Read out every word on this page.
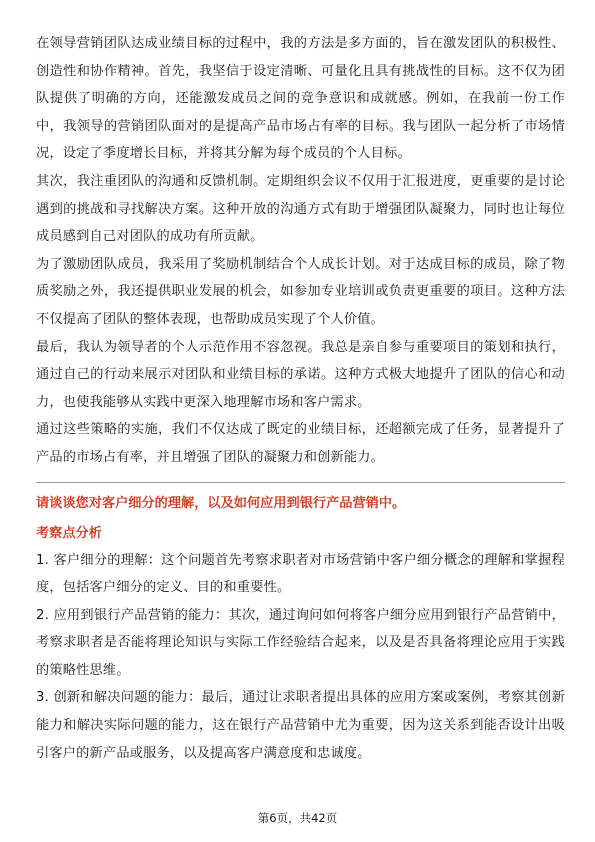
在领导营销团队达成业绩目标的过程中，我的方法是多方面的，旨在激发团队的积极性、创造性和协作精神。首先，我坚信于设定清晰、可量化且具有挑战性的目标。这不仅为团队提供了明确的方向，还能激发成员之间的竞争意识和成就感。例如，在我前一份工作中，我领导的营销团队面对的是提高产品市场占有率的目标。我与团队一起分析了市场情况，设定了季度增长目标，并将其分解为每个成员的个人目标。

其次，我注重团队的沟通和反馈机制。定期组织会议不仅用于汇报进度，更重要的是讨论遇到的挑战和寻找解决方案。这种开放的沟通方式有助于增强团队凝聚力，同时也让每位成员感到自己对团队的成功有所贡献。

为了激励团队成员，我采用了奖励机制结合个人成长计划。对于达成目标的成员，除了物质奖励之外，我还提供职业发展的机会，如参加专业培训或负责更重要的项目。这种方法不仅提高了团队的整体表现，也帮助成员实现了个人价值。

最后，我认为领导者的个人示范作用不容忽视。我总是亲自参与重要项目的策划和执行，通过自己的行动来展示对团队和业绩目标的承诺。这种方式极大地提升了团队的信心和动力，也使我能够从实践中更深入地理解市场和客户需求。

通过这些策略的实施，我们不仅达成了既定的业绩目标，还超额完成了任务，显著提升了产品的市场占有率，并且增强了团队的凝聚力和创新能力。

请谈谈您对客户细分的理解，以及如何应用到银行产品营销中。

考察点分析

1. 客户细分的理解：这个问题首先考察求职者对市场营销中客户细分概念的理解和掌握程度，包括客户细分的定义、目的和重要性。

2. 应用到银行产品营销的能力：其次，通过询问如何将客户细分应用到银行产品营销中，考察求职者是否能将理论知识与实际工作经验结合起来，以及是否具备将理论应用于实践的策略性思维。

3. 创新和解决问题的能力：最后，通过让求职者提出具体的应用方案或案例，考察其创新能力和解决实际问题的能力，这在银行产品营销中尤为重要，因为这关系到能否设计出吸引客户的新产品或服务，以及提高客户满意度和忠诚度。

第6页，共42页
